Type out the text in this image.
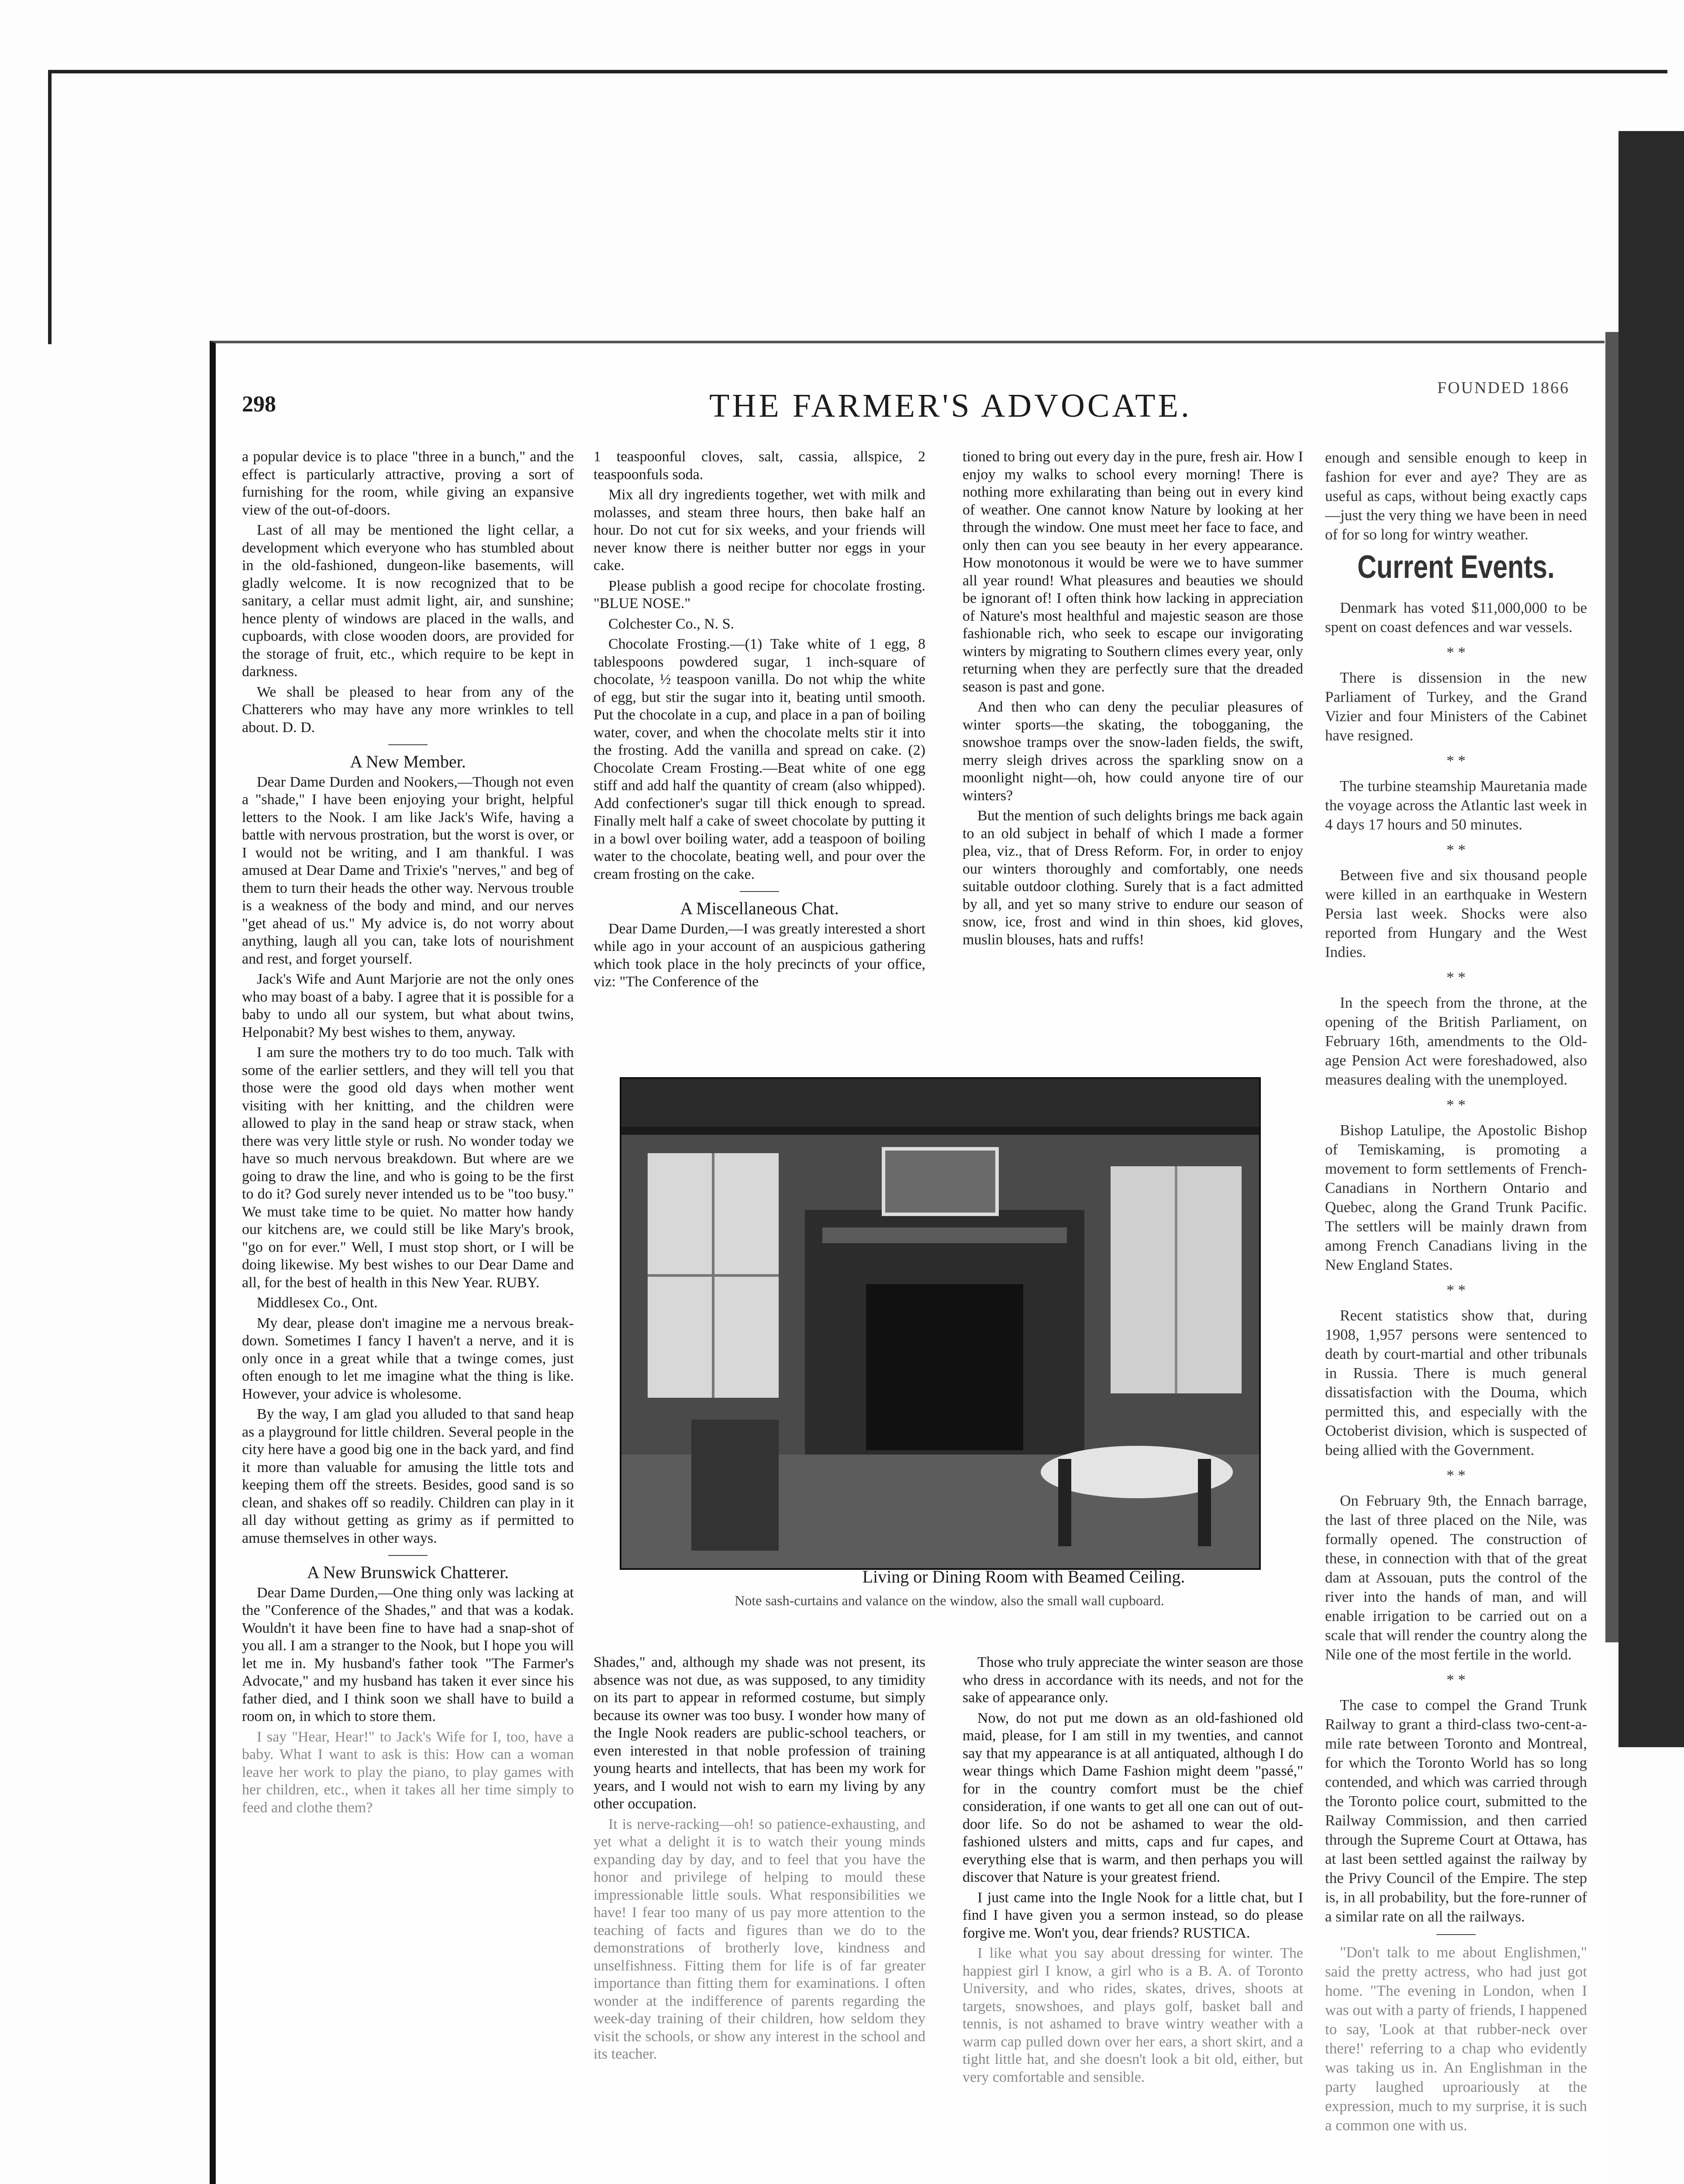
298	THE FARMER'S ADVOCATE.	FOUNDED 1866

a popular device is to place "three in a bunch," and the effect is particularly attractive, proving a sort of furnishing for the room, while giving an expansive view of the out-of-doors.

Last of all may be mentioned the light cellar, a development which everyone who has stumbled about in the old-fashioned, dungeon-like basements, will gladly welcome. It is now recognized that to be sanitary, a cellar must admit light, air, and sunshine; hence plenty of windows are placed in the walls, and cupboards, with close wooden doors, are provided for the storage of fruit, etc., which require to be kept in darkness.

We shall be pleased to hear from any of the Chatterers who may have any more wrinkles to tell about. D. D.

A New Member.

Dear Dame Durden and Nookers,—Though not even a "shade," I have been enjoying your bright, helpful letters to the Nook. I am like Jack's Wife, having a battle with nervous prostration, but the worst is over, or I would not be writing, and I am thankful. I was amused at Dear Dame and Trixie's "nerves," and beg of them to turn their heads the other way. Nervous trouble is a weakness of the body and mind, and our nerves "get ahead of us." My advice is, do not worry about anything, laugh all you can, take lots of nourishment and rest, and forget yourself.

Jack's Wife and Aunt Marjorie are not the only ones who may boast of a baby. I agree that it is possible for a baby to undo all our system, but what about twins, Helponabit? My best wishes to them, anyway.

I am sure the mothers try to do too much. Talk with some of the earlier settlers, and they will tell you that those were the good old days when mother went visiting with her knitting, and the children were allowed to play in the sand heap or straw stack, when there was very little style or rush. No wonder today we have so much nervous breakdown. But where are we going to draw the line, and who is going to be the first to do it? God surely never intended us to be "too busy." We must take time to be quiet. No matter how handy our kitchens are, we could still be like Mary's brook, "go on for ever." Well, I must stop short, or I will be doing likewise. My best wishes to our Dear Dame and all, for the best of health in this New Year. RUBY.

Middlesex Co., Ont.

My dear, please don't imagine me a nervous break-down. Sometimes I fancy I haven't a nerve, and it is only once in a great while that a twinge comes, just often enough to let me imagine what the thing is like. However, your advice is wholesome.

By the way, I am glad you alluded to that sand heap as a playground for little children. Several people in the city here have a good big one in the back yard, and find it more than valuable for amusing the little tots and keeping them off the streets. Besides, good sand is so clean, and shakes off so readily. Children can play in it all day without getting as grimy as if permitted to amuse themselves in other ways.

A New Brunswick Chatterer.

Dear Dame Durden,—One thing only was lacking at the "Conference of the Shades," and that was a kodak. Wouldn't it have been fine to have had a snap-shot of you all. I am a stranger to the Nook, but I hope you will let me in. My husband's father took "The Farmer's Advocate," and my husband has taken it ever since his father died, and I think soon we shall have to build a room on, in which to store them.

I say "Hear, Hear!" to Jack's Wife for I, too, have a baby. What I want to ask is this: How can a woman leave her work to play the piano, to play games with her children, etc., when it takes all her time simply to feed and clothe them?

1 teaspoonful cloves, salt, cassia, allspice, 2 teaspoonfuls soda.

Mix all dry ingredients together, wet with milk and molasses, and steam three hours, then bake half an hour. Do not cut for six weeks, and your friends will never know there is neither butter nor eggs in your cake.

Please publish a good recipe for chocolate frosting. "BLUE NOSE."

Colchester Co., N. S.

Chocolate Frosting.—(1) Take white of 1 egg, 8 tablespoons powdered sugar, 1 inch-square of chocolate, ½ teaspoon vanilla. Do not whip the white of egg, but stir the sugar into it, beating until smooth. Put the chocolate in a cup, and place in a pan of boiling water, cover, and when the chocolate melts stir it into the frosting. Add the vanilla and spread on cake. (2) Chocolate Cream Frosting.—Beat white of one egg stiff and add half the quantity of cream (also whipped). Add confectioner's sugar till thick enough to spread. Finally melt half a cake of sweet chocolate by putting it in a bowl over boiling water, add a teaspoon of boiling water to the chocolate, beating well, and pour over the cream frosting on the cake.

A Miscellaneous Chat.

Dear Dame Durden,—I was greatly interested a short while ago in your account of an auspicious gathering which took place in the holy precincts of your office, viz: "The Conference of the

tioned to bring out every day in the pure, fresh air. How I enjoy my walks to school every morning! There is nothing more exhilarating than being out in every kind of weather. One cannot know Nature by looking at her through the window. One must meet her face to face, and only then can you see beauty in her every appearance. How monotonous it would be were we to have summer all year round! What pleasures and beauties we should be ignorant of! I often think how lacking in appreciation of Nature's most healthful and majestic season are those fashionable rich, who seek to escape our invigorating winters by migrating to Southern climes every year, only returning when they are perfectly sure that the dreaded season is past and gone.

And then who can deny the peculiar pleasures of winter sports—the skating, the tobogganing, the snowshoe tramps over the snow-laden fields, the swift, merry sleigh drives across the sparkling snow on a moonlight night—oh, how could anyone tire of our winters?

But the mention of such delights brings me back again to an old subject in behalf of which I made a former plea, viz., that of Dress Reform. For, in order to enjoy our winters thoroughly and comfortably, one needs suitable outdoor clothing. Surely that is a fact admitted by all, and yet so many strive to endure our season of snow, ice, frost and wind in thin shoes, kid gloves, muslin blouses, hats and ruffs!

Living or Dining Room with Beamed Ceiling.
Note sash-curtains and valance on the window, also the small wall cupboard.

Shades," and, although my shade was not present, its absence was not due, as was supposed, to any timidity on its part to appear in reformed costume, but simply because its owner was too busy. I wonder how many of the Ingle Nook readers are public-school teachers, or even interested in that noble profession of training young hearts and intellects, that has been my work for years, and I would not wish to earn my living by any other occupation.

It is nerve-racking—oh! so patience-exhausting, and yet what a delight it is to watch their young minds expanding day by day, and to feel that you have the honor and privilege of helping to mould these impressionable little souls. What responsibilities we have! I fear too many of us pay more attention to the teaching of facts and figures than we do to the demonstrations of brotherly love, kindness and unselfishness. Fitting them for life is of far greater importance than fitting them for examinations. I often wonder at the indifference of parents regarding the week-day training of their children, how seldom they visit the schools, or show any interest in the school and its teacher.

Those who truly appreciate the winter season are those who dress in accordance with its needs, and not for the sake of appearance only.

Now, do not put me down as an old-fashioned old maid, please, for I am still in my twenties, and cannot say that my appearance is at all antiquated, although I do wear things which Dame Fashion might deem "passé," for in the country comfort must be the chief consideration, if one wants to get all one can out of out-door life. So do not be ashamed to wear the old-fashioned ulsters and mitts, caps and fur capes, and everything else that is warm, and then perhaps you will discover that Nature is your greatest friend.

I just came into the Ingle Nook for a little chat, but I find I have given you a sermon instead, so do please forgive me. Won't you, dear friends? RUSTICA.

I like what you say about dressing for winter. The happiest girl I know, a girl who is a B. A. of Toronto University, and who rides, skates, drives, shoots at targets, snowshoes, and plays golf, basket ball and tennis, is not ashamed to brave wintry weather with a warm cap pulled down over her ears, a short skirt, and a tight little hat, and she doesn't look a bit old, either, but very comfortable and sensible.

enough and sensible enough to keep in fashion for ever and aye? They are as useful as caps, without being exactly caps—just the very thing we have been in need of for so long for wintry weather.

Current Events.

Denmark has voted $11,000,000 to be spent on coast defences and war vessels.

* *

There is dissension in the new Parliament of Turkey, and the Grand Vizier and four Ministers of the Cabinet have resigned.

* *

The turbine steamship Mauretania made the voyage across the Atlantic last week in 4 days 17 hours and 50 minutes.

* *

Between five and six thousand people were killed in an earthquake in Western Persia last week. Shocks were also reported from Hungary and the West Indies.

* *

In the speech from the throne, at the opening of the British Parliament, on February 16th, amendments to the Old-age Pension Act were foreshadowed, also measures dealing with the unemployed.

* *

Bishop Latulipe, the Apostolic Bishop of Temiskaming, is promoting a movement to form settlements of French-Canadians in Northern Ontario and Quebec, along the Grand Trunk Pacific. The settlers will be mainly drawn from among French Canadians living in the New England States.

* *

Recent statistics show that, during 1908, 1,957 persons were sentenced to death by court-martial and other tribunals in Russia. There is much general dissatisfaction with the Douma, which permitted this, and especially with the Octoberist division, which is suspected of being allied with the Government.

* *

On February 9th, the Ennach barrage, the last of three placed on the Nile, was formally opened. The construction of these, in connection with that of the great dam at Assouan, puts the control of the river into the hands of man, and will enable irrigation to be carried out on a scale that will render the country along the Nile one of the most fertile in the world.

* *

The case to compel the Grand Trunk Railway to grant a third-class two-cent-a-mile rate between Toronto and Montreal, for which the Toronto World has so long contended, and which was carried through the Toronto police court, submitted to the Railway Commission, and then carried through the Supreme Court at Ottawa, has at last been settled against the railway by the Privy Council of the Empire. The step is, in all probability, but the fore-runner of a similar rate on all the railways.

"Don't talk to me about Englishmen," said the pretty actress, who had just got home. "The evening in London, when I was out with a party of friends, I happened to say, 'Look at that rubber-neck over there!' referring to a chap who evidently was taking us in. An Englishman in the party laughed uproariously at the expression, much to my surprise, it is such a common one with us.
